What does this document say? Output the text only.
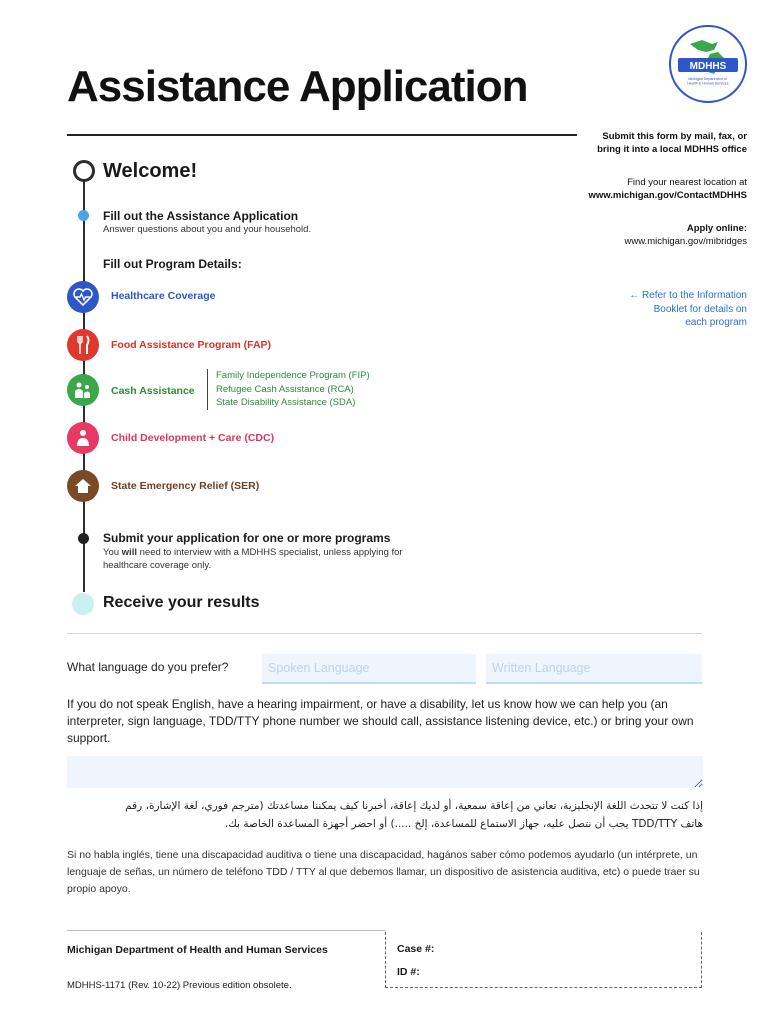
Assistance Application	MDHHS
Michigan Department of Health & Human Services
Submit this form by mail, fax, or
bring it into a local MDHHS office
Find your nearest location at
www.michigan.gov/ContactMDHHS
Apply online:
www.michigan.gov/mibridges
← Refer to the Information
Booklet for details on
each program
Welcome!
Fill out the Assistance Application
Answer questions about you and your household.
Fill out Program Details:
Healthcare Coverage
Food Assistance Program (FAP)
Cash Assistance
Family Independence Program (FIP)
Refugee Cash Assistance (RCA)
State Disability Assistance (SDA)
Child Development + Care (CDC)
State Emergency Relief (SER)
Submit your application for one or more programs
You will need to interview with a MDHHS specialist, unless applying for healthcare coverage only.
Receive your results
What language do you prefer?
Spoken Language
Written Language
If you do not speak English, have a hearing impairment, or have a disability, let us know how we can help you (an interpreter, sign language, TDD/TTY phone number we should call, assistance listening device, etc.) or bring your own support.
إذا كنت لا تتحدث اللغة الإنجليزية، تعاني من إعاقة سمعية، أو لديك إعاقة، أخبرنا كيف يمكننا مساعدتك (مترجم فوري، لغة الإشارة، رقم هاتف TDD/TTY يجب أن نتصل عليه، جهاز الاستماع للمساعدة، إلخ .....) أو احضر أجهزة المساعدة الخاصة بك.
Si no habla inglés, tiene una discapacidad auditiva o tiene una discapacidad, hagános saber cómo podemos ayudarlo (un intérprete, un lenguaje de señas, un número de teléfono TDD / TTY al que debemos llamar, un dispositivo de asistencia auditiva, etc) o puede traer su propio apoyo.
Michigan Department of Health and Human Services
MDHHS-1171 (Rev. 10-22) Previous edition obsolete.
Case #:
ID #:
